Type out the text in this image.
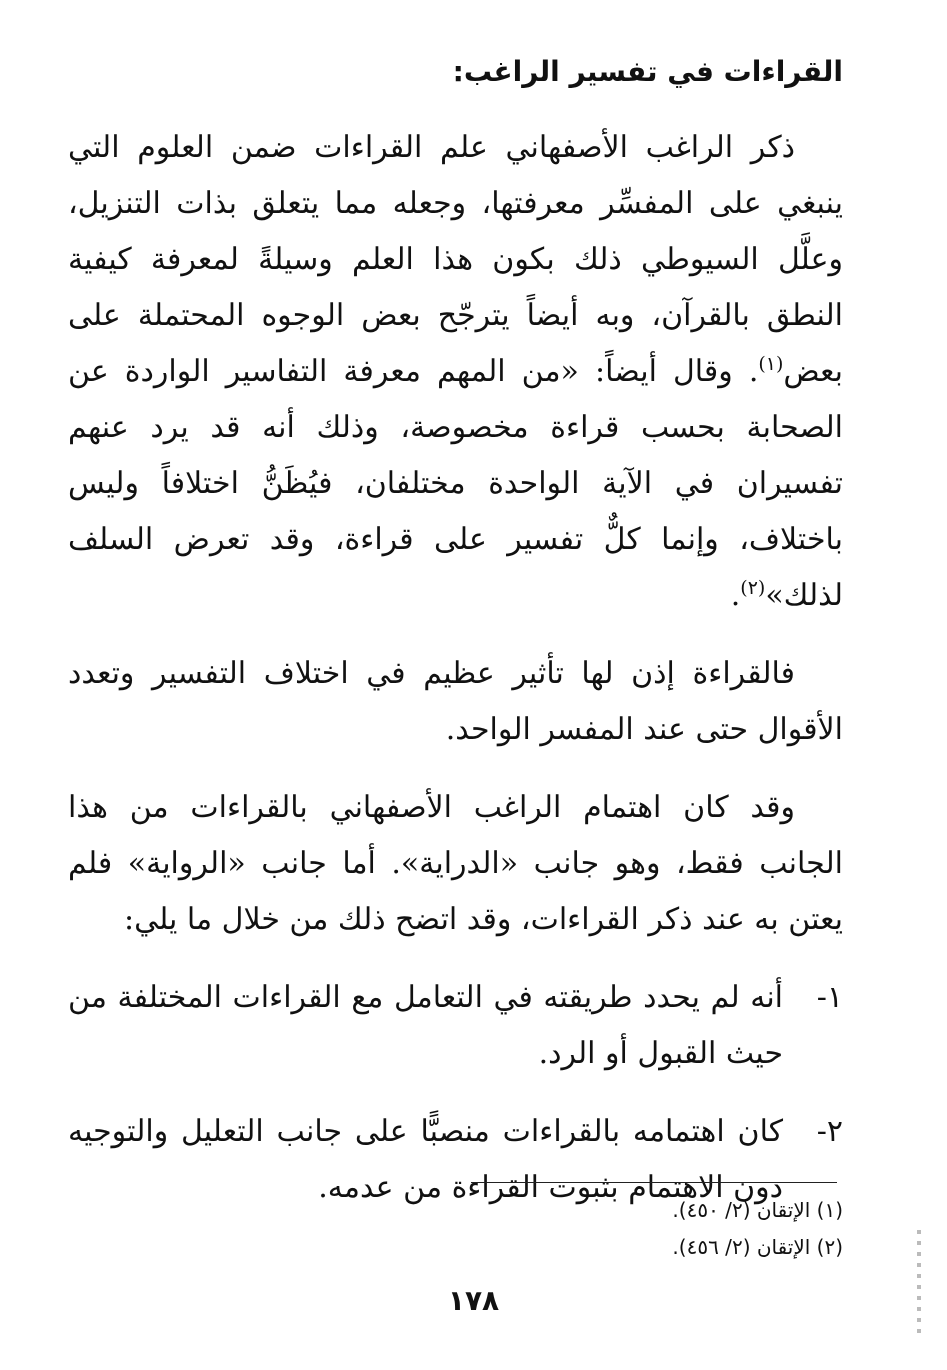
القراءات في تفسير الراغب:

ذكر الراغب الأصفهاني علم القراءات ضمن العلوم التي ينبغي على المفسِّر معرفتها، وجعله مما يتعلق بذات التنزيل، وعلَّل السيوطي ذلك بكون هذا العلم وسيلةً لمعرفة كيفية النطق بالقرآن، وبه أيضاً يترجّح بعض الوجوه المحتملة على بعض$^{(١)}$. وقال أيضاً: «من المهم معرفة التفاسير الواردة عن الصحابة بحسب قراءة مخصوصة، وذلك أنه قد يرد عنهم تفسيران في الآية الواحدة مختلفان، فيُظَنُّ اختلافاً وليس باختلاف، وإنما كلٌّ تفسير على قراءة، وقد تعرض السلف لذلك»$^{(٢)}$.

فالقراءة إذن لها تأثير عظيم في اختلاف التفسير وتعدد الأقوال حتى عند المفسر الواحد.

وقد كان اهتمام الراغب الأصفهاني بالقراءات من هذا الجانب فقط، وهو جانب «الدراية». أما جانب «الرواية» فلم يعتن به عند ذكر القراءات، وقد اتضح ذلك من خلال ما يلي:

١-
أنه لم يحدد طريقته في التعامل مع القراءات المختلفة من حيث القبول أو الرد.
٢-
كان اهتمامه بالقراءات منصبًّا على جانب التعليل والتوجيه دون الاهتمام بثبوت القراءة من عدمه.
(١) الإتقان (٢/ ٤٥٠).
(٢) الإتقان (٢/ ٤٥٦).
١٧٨
